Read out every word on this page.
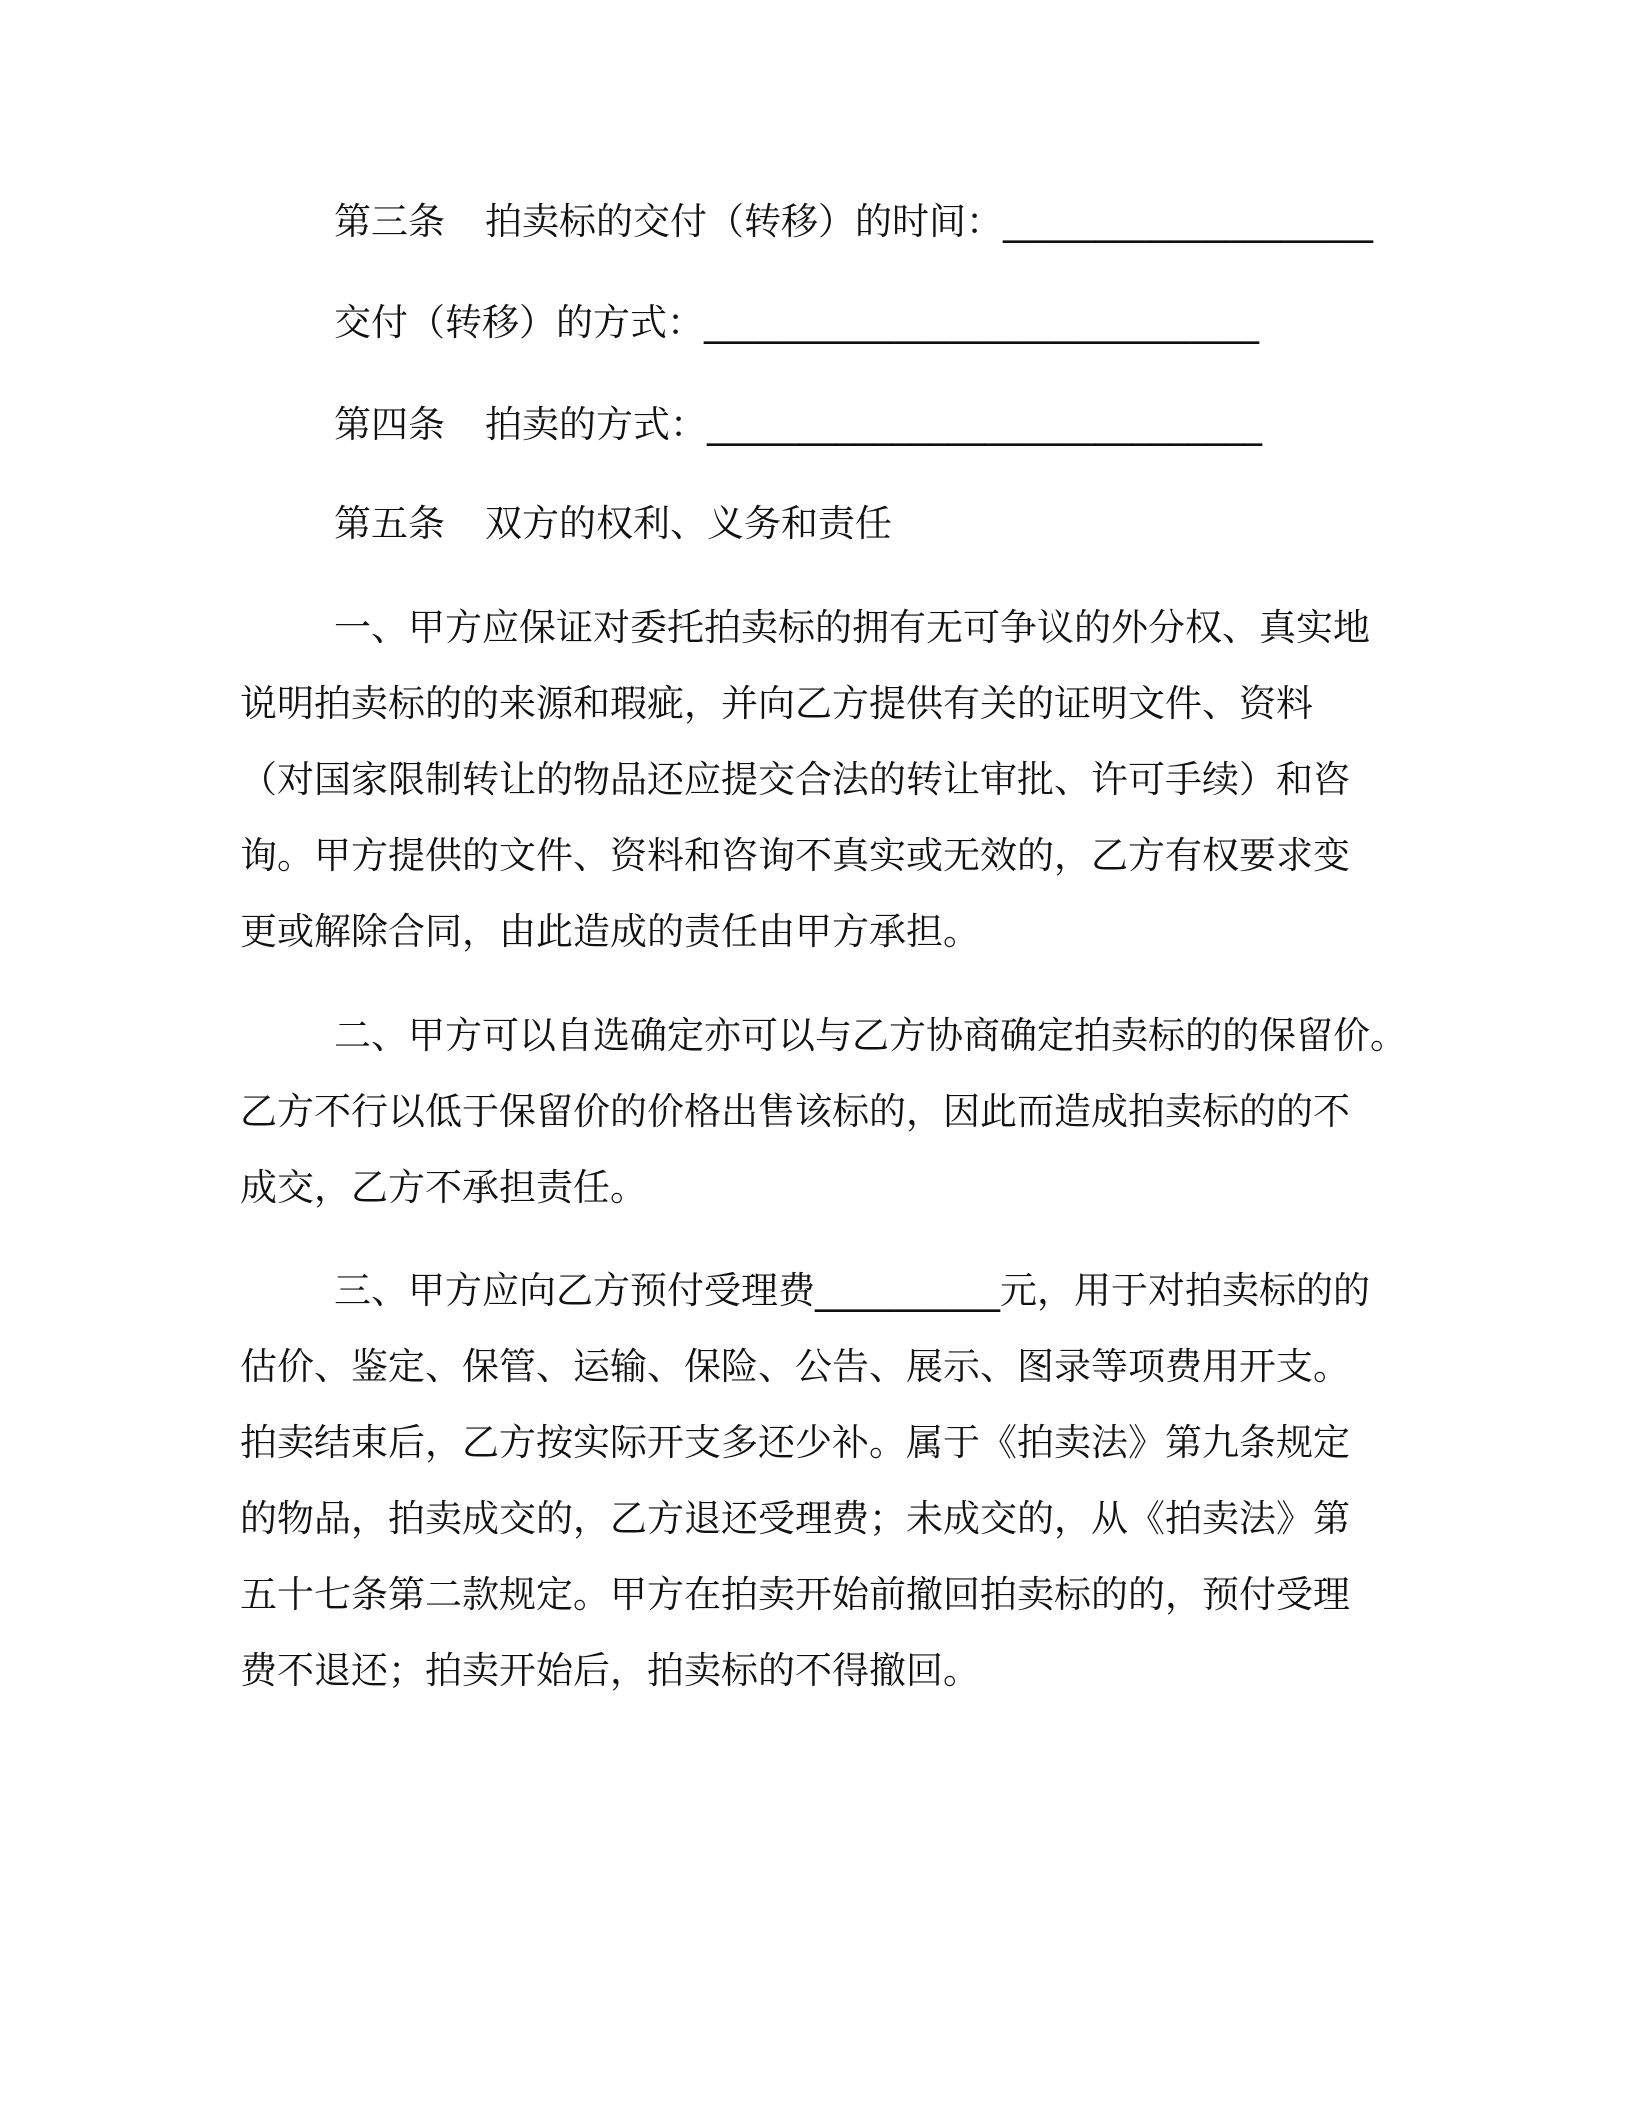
第三条 拍卖标的交付（转移）的时间：____________________
交付（转移）的方式：______________________________
第四条 拍卖的方式：______________________________
第五条 双方的权利、义务和责任
一、甲方应保证对委托拍卖标的拥有无可争议的外分权、真实地
说明拍卖标的的来源和瑕疵，并向乙方提供有关的证明文件、资料
（对国家限制转让的物品还应提交合法的转让审批、许可手续）和咨
询。甲方提供的文件、资料和咨询不真实或无效的，乙方有权要求变
更或解除合同，由此造成的责任由甲方承担。
二、甲方可以自选确定亦可以与乙方协商确定拍卖标的的保留价。
乙方不行以低于保留价的价格出售该标的，因此而造成拍卖标的的不
成交，乙方不承担责任。
三、甲方应向乙方预付受理费__________元，用于对拍卖标的的
估价、鉴定、保管、运输、保险、公告、展示、图录等项费用开支。
拍卖结束后，乙方按实际开支多还少补。属于《拍卖法》第九条规定
的物品，拍卖成交的，乙方退还受理费；未成交的，从《拍卖法》第
五十七条第二款规定。甲方在拍卖开始前撤回拍卖标的的，预付受理
费不退还；拍卖开始后，拍卖标的不得撤回。
